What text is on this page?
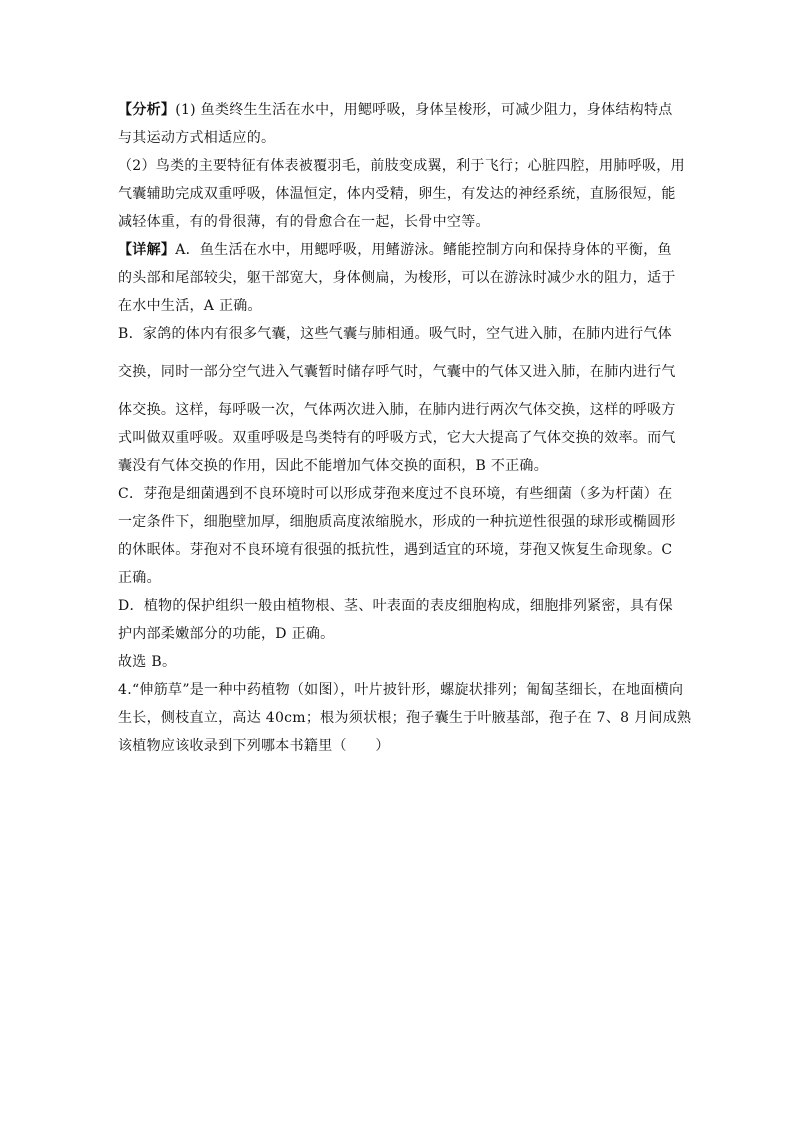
【分析】(1) 鱼类终生生活在水中，用鳃呼吸，身体呈梭形，可减少阻力，身体结构特点
与其运动方式相适应的。
（2）鸟类的主要特征有体表被覆羽毛，前肢变成翼，利于飞行；心脏四腔，用肺呼吸，用
气囊辅助完成双重呼吸，体温恒定，体内受精，卵生，有发达的神经系统，直肠很短，能
减轻体重，有的骨很薄，有的骨愈合在一起，长骨中空等。
【详解】A．鱼生活在水中，用鳃呼吸，用鳍游泳。鳍能控制方向和保持身体的平衡，鱼
的头部和尾部较尖，躯干部宽大，身体侧扁，为梭形，可以在游泳时减少水的阻力，适于
在水中生活，A 正确。
B．家鸽的体内有很多气囊，这些气囊与肺相通。吸气时，空气进入肺，在肺内进行气体
交换，同时一部分空气进入气囊暂时储存呼气时，气囊中的气体又进入肺，在肺内进行气
体交换。这样，每呼吸一次，气体两次进入肺，在肺内进行两次气体交换，这样的呼吸方
式叫做双重呼吸。双重呼吸是鸟类特有的呼吸方式，它大大提高了气体交换的效率。而气
囊没有气体交换的作用，因此不能增加气体交换的面积，B 不正确。
C．芽孢是细菌遇到不良环境时可以形成芽孢来度过不良环境，有些细菌（多为杆菌）在
一定条件下，细胞壁加厚，细胞质高度浓缩脱水，形成的一种抗逆性很强的球形或椭圆形
的休眠体。芽孢对不良环境有很强的抵抗性，遇到适宜的环境，芽孢又恢复生命现象。C
正确。
D．植物的保护组织一般由植物根、茎、叶表面的表皮细胞构成，细胞排列紧密，具有保
护内部柔嫩部分的功能，D 正确。
故选 B。
4.“伸筋草”是一种中药植物（如图），叶片披针形，螺旋状排列；匍匐茎细长，在地面横向
生长，侧枝直立，高达 40cm；根为须状根；孢子囊生于叶腋基部，孢子在 7、8 月间成熟
该植物应该收录到下列哪本书籍里（　　）
